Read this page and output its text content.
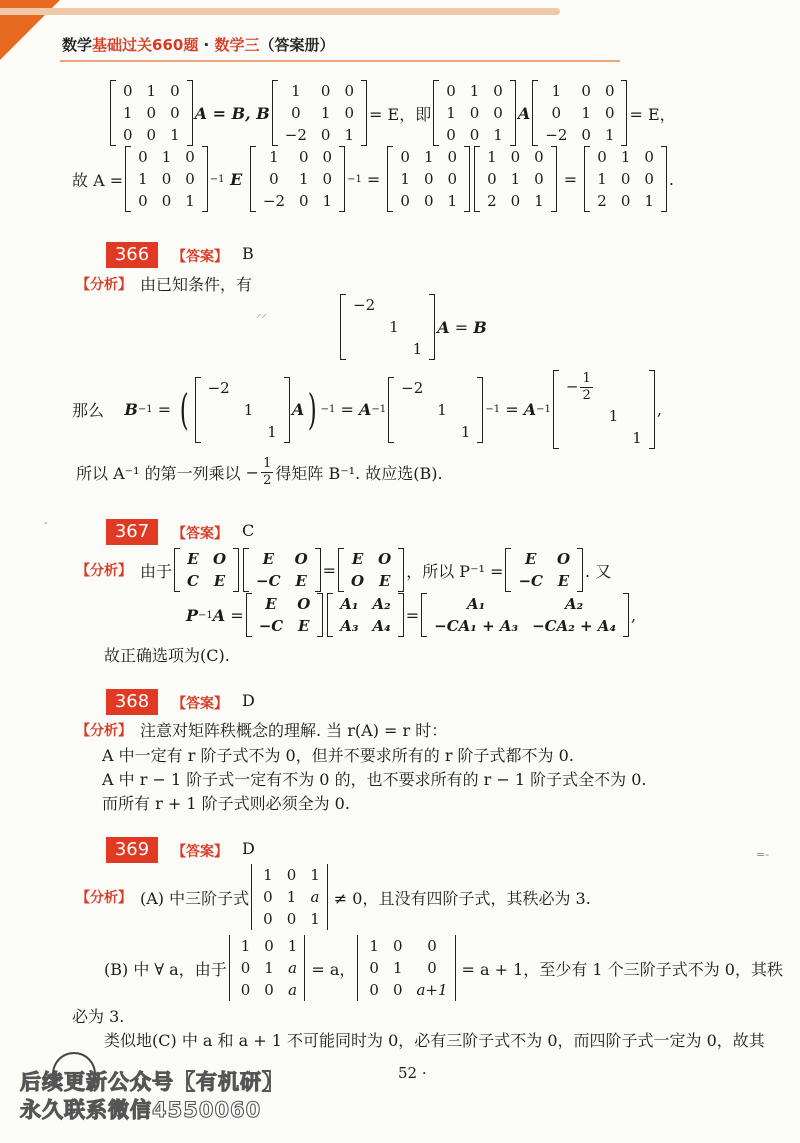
数学基础过关660题 · 数学三（答案册）
0	1	0
1	0	0
0	0	1
A = B, B
1	0	0
0	1	0
−2	0	1
= E，即
0	1	0
1	0	0
0	0	1
A
1	0	0
0	1	0
−2	0	1
= E，
故 A =
0	1	0
1	0	0
0	0	1
−1 E
1	0	0
0	1	0
−2	0	1
−1 =
0	1	0
1	0	0
0	0	1
1	0	0
0	1	0
2	0	1
=
0	1	0
1	0	0
2	0	1
.
366	【答案】 B
【分析】 由已知条件，有
−2		
	1	
		1
A = B
那么
B −1 = ( −2		
	1	
		1
A ) −1 = A −1
−2		
	1	
		1
−1 = A −1
− $\frac{1}{2}$

	1	
		1
,
所以 A⁻¹ 的第一列乘以 − $\frac{1}{2}$ 得矩阵 B⁻¹. 故应选(B).
367	【答案】 C
【分析】 由于
E	O
C	E
E	O
−C	E
=
E	O
O	E
， 所以 P⁻¹ =
E	O
−C	E
. 又
P −1 A =
E	O
−C	E
A₁	A₂
A₃	A₄
=
A₁	A₂
−CA₁ + A₃	−CA₂ + A₄
,
故正确选项为(C).
368	【答案】 D
【分析】 注意对矩阵秩概念的理解. 当 r(A) = r 时：
A 中一定有 r 阶子式不为 0，但并不要求所有的 r 阶子式都不为 0.
A 中 r − 1 阶子式一定有不为 0 的，也不要求所有的 r − 1 阶子式全不为 0.
而所有 r + 1 阶子式则必须全为 0.
369	【答案】 D
【分析】 (A) 中三阶子式
1	0	1
0	1	a
0	0	1
≠ 0，且没有四阶子式，其秩必为 3.
(B) 中 ∀ a，由于
1	0	1
0	1	a
0	0	a
= a，
1	0	0
0	1	0
0	0	a+1
= a + 1，至少有 1 个三阶子式不为 0，其秩
必为 3.
类似地(C) 中 a 和 a + 1 不可能同时为 0，必有三阶子式不为 0，而四阶子式一定为 0，故其
⸝⸝
-
=-
52 ·
后续更新公众号【有机研】
永久联系微信4550060
